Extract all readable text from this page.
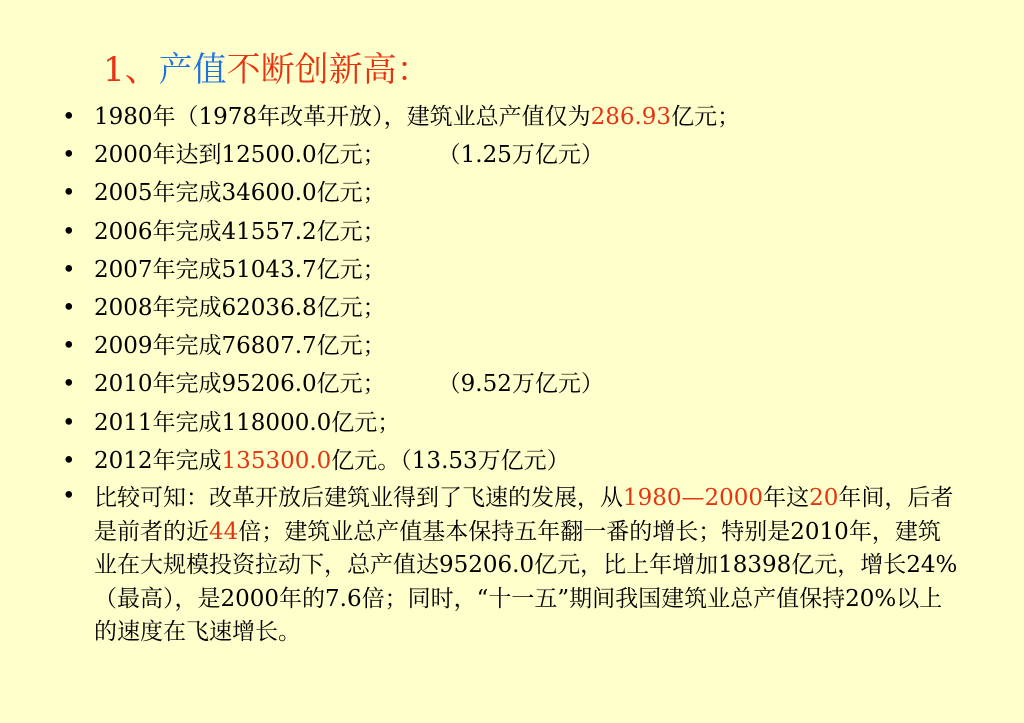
1、产值不断创新高：
• 1980年（1978年改革开放），建筑业总产值仅为286.93亿元；
• 2000年达到12500.0亿元； （1.25万亿元）
• 2005年完成34600.0亿元；
• 2006年完成41557.2亿元；
• 2007年完成51043.7亿元；
• 2008年完成62036.8亿元；
• 2009年完成76807.7亿元；
• 2010年完成95206.0亿元； （9.52万亿元）
• 2011年完成118000.0亿元；
• 2012年完成135300.0亿元。（13.53万亿元）
• 比较可知：改革开放后建筑业得到了飞速的发展，从1980—2000年这20年间，后者是前者的近44倍；建筑业总产值基本保持五年翻一番的增长；特别是2010年，建筑业在大规模投资拉动下，总产值达95206.0亿元，比上年增加18398亿元，增长24%（最高），是2000年的7.6倍；同时，“十一五”期间我国建筑业总产值保持20%以上的速度在飞速增长。
